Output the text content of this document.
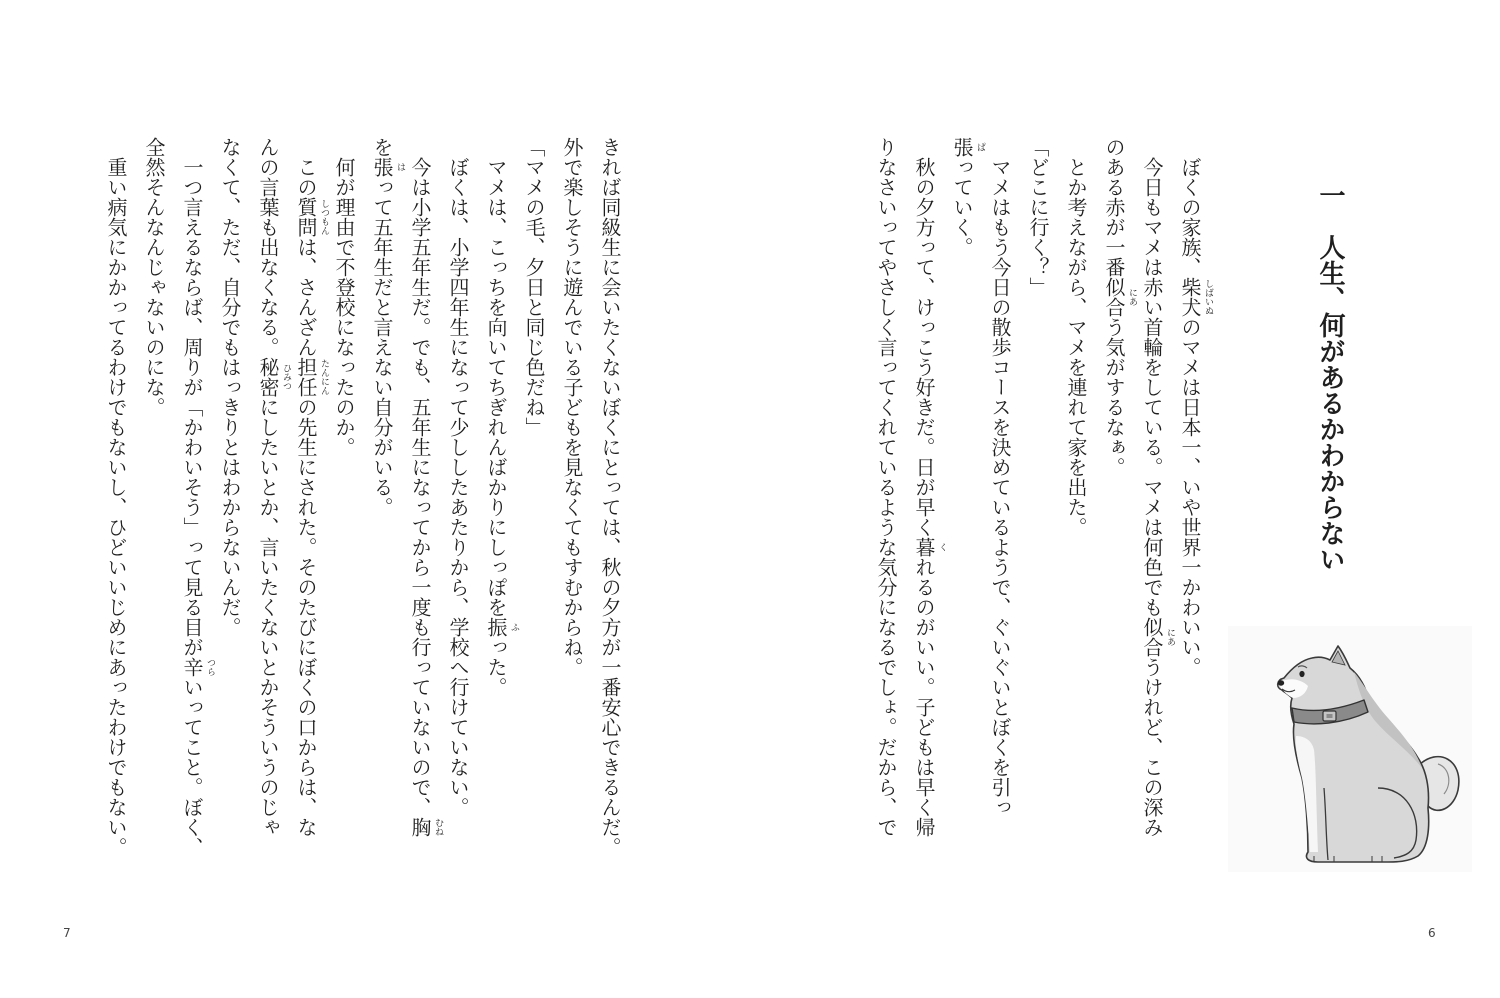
7
きれば同級生に会いたくないぼくにとっては、秋の夕方が一番安心できるんだ。
外で楽しそうに遊んでいる子どもを見なくてもすむからね。
「マメの毛、夕日と同じ色だね」
　マメは、こっちを向いてちぎれんばかりにしっぽを振 ふ
った。
　ぼくは、小学四年生になって少ししたあたりから、学校へ行けていない。
　今は小学五年生だ。でも、五年生になってから一度も行っていないので、胸 むね
を張 は
って五年生だと言えない自分がいる。
　何が理由で不登校になったのか。
　この質問 しつもん
は、さんざん担任 たんにん
の先生にされた。そのたびにぼくの口からは、な
んの言葉も出なくなる。秘密 ひみつ
にしたいとか、言いたくないとかそういうのじゃ
なくて、ただ、自分でもはっきりとはわからないんだ。
　一つ言えるならば、周りが「かわいそう」って見る目が辛 つら
いってこと。ぼく、
全然そんなんじゃないのにな。
　重い病気にかかってるわけでもないし、ひどいいじめにあったわけでもない。	一
人生、何があるかわからない
6
　ぼくの家族、柴犬 しばいぬ
のマメは日本一、いや世界一かわいい。
　今日もマメは赤い首輪をしている。マメは何色でも似合 にあ
うけれど、この深み
のある赤が一番似合 にあ
う気がするなぁ。
　とか考えながら、マメを連れて家を出た。
「どこに行く？」
　マメはもう今日の散歩コースを決めているようで、ぐいぐいとぼくを引っ
張 ぱ
っていく。
　秋の夕方って、けっこう好きだ。日が早く暮 く
れるのがいい。子どもは早く帰
りなさいってやさしく言ってくれているような気分になるでしょ。だから、で
